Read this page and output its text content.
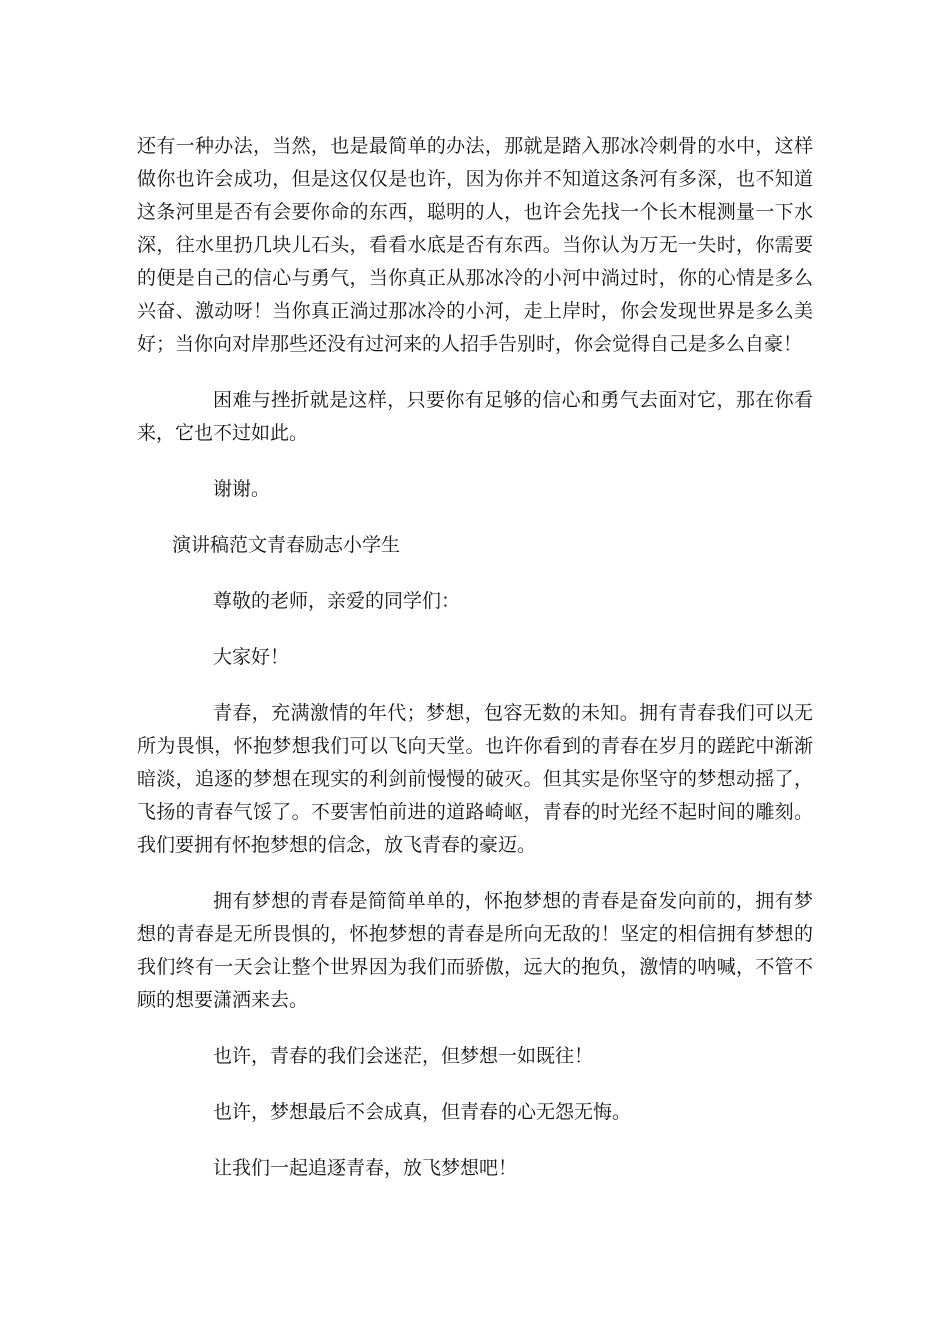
还有一种办法，当然，也是最简单的办法，那就是踏入那冰冷刺骨的水中，这样做你也许会成功，但是这仅仅是也许，因为你并不知道这条河有多深，也不知道这条河里是否有会要你命的东西，聪明的人，也许会先找一个长木棍测量一下水深，往水里扔几块儿石头，看看水底是否有东西。当你认为万无一失时，你需要的便是自己的信心与勇气，当你真正从那冰冷的小河中淌过时，你的心情是多么兴奋、激动呀！当你真正淌过那冰冷的小河，走上岸时，你会发现世界是多么美好；当你向对岸那些还没有过河来的人招手告别时，你会觉得自己是多么自豪！

困难与挫折就是这样，只要你有足够的信心和勇气去面对它，那在你看来，它也不过如此。

谢谢。

演讲稿范文青春励志小学生

尊敬的老师，亲爱的同学们：

大家好！

青春，充满激情的年代；梦想，包容无数的未知。拥有青春我们可以无所为畏惧，怀抱梦想我们可以飞向天堂。也许你看到的青春在岁月的蹉跎中渐渐暗淡，追逐的梦想在现实的利剑前慢慢的破灭。但其实是你坚守的梦想动摇了，飞扬的青春气馁了。不要害怕前进的道路崎岖，青春的时光经不起时间的雕刻。我们要拥有怀抱梦想的信念，放飞青春的豪迈。

拥有梦想的青春是简简单单的，怀抱梦想的青春是奋发向前的，拥有梦想的青春是无所畏惧的，怀抱梦想的青春是所向无敌的！坚定的相信拥有梦想的我们终有一天会让整个世界因为我们而骄傲，远大的抱负，激情的呐喊，不管不顾的想要潇洒来去。

也许，青春的我们会迷茫，但梦想一如既往！

也许，梦想最后不会成真，但青春的心无怨无悔。

让我们一起追逐青春，放飞梦想吧！
